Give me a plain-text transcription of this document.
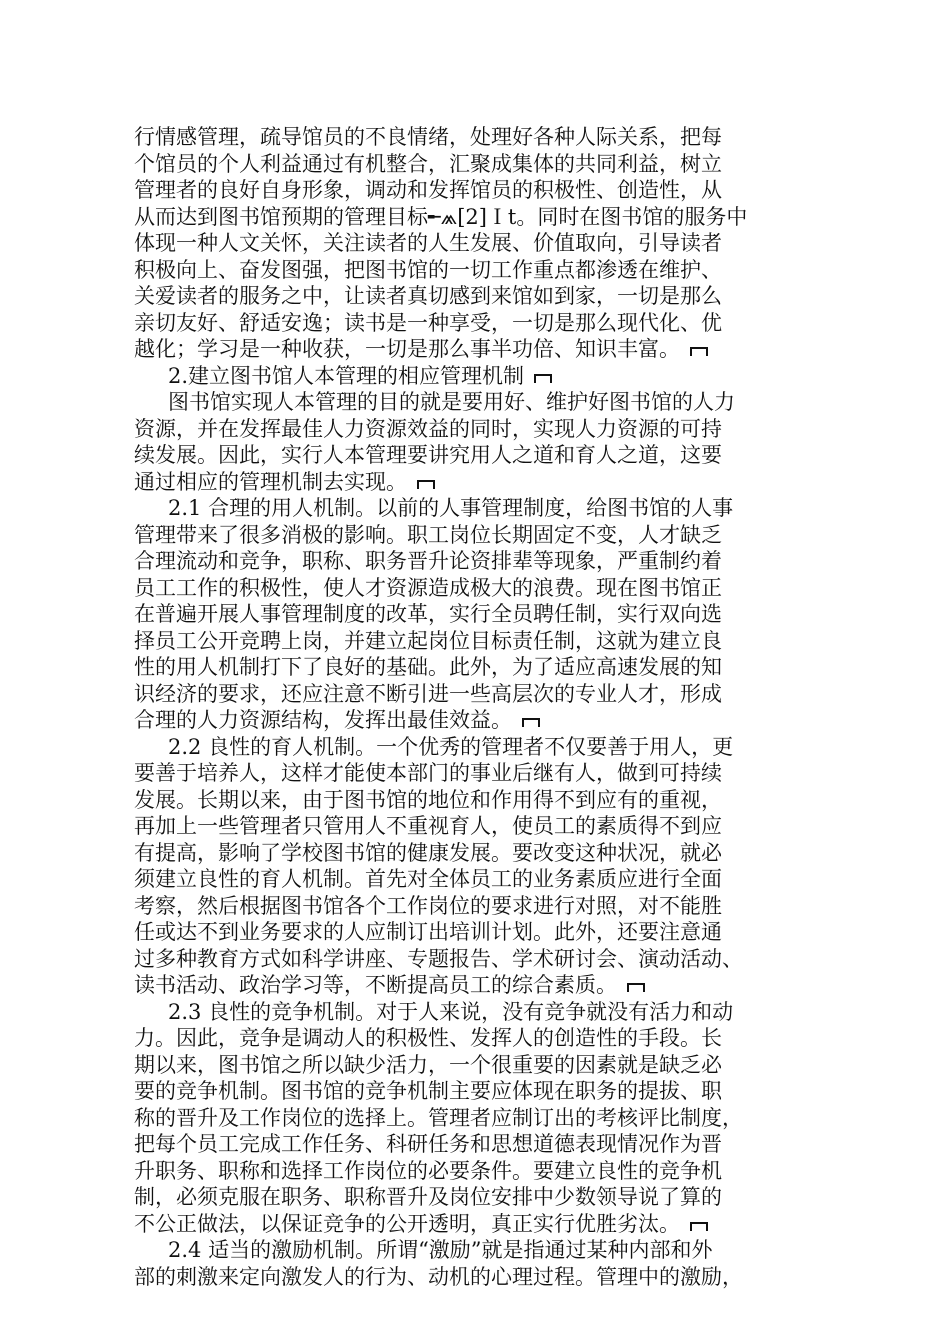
行情感管理，疏导馆员的不良情绪，处理好各种人际关系，把每
个馆员的个人利益通过有机整合，汇聚成集体的共同利益，树立
管理者的良好自身形象，调动和发挥馆员的积极性、创造性，从
从而达到图书馆预期的管理目标╾⩕[2]Ｉt。同时在图书馆的服务中
体现一种人文关怀，关注读者的人生发展、价值取向，引导读者
积极向上、奋发图强，把图书馆的一切工作重点都渗透在维护、
关爱读者的服务之中，让读者真切感到来馆如到家，一切是那么
亲切友好、舒适安逸；读书是一种享受，一切是那么现代化、优
越化；学习是一种收获，一切是那么事半功倍、知识丰富。
2.建立图书馆人本管理的相应管理机制
图书馆实现人本管理的目的就是要用好、维护好图书馆的人力
资源，并在发挥最佳人力资源效益的同时，实现人力资源的可持
续发展。因此，实行人本管理要讲究用人之道和育人之道，这要
通过相应的管理机制去实现。
2.1 合理的用人机制。以前的人事管理制度，给图书馆的人事
管理带来了很多消极的影响。职工岗位长期固定不变，人才缺乏
合理流动和竞争，职称、职务晋升论资排辈等现象，严重制约着
员工工作的积极性，使人才资源造成极大的浪费。现在图书馆正
在普遍开展人事管理制度的改革，实行全员聘任制，实行双向选
择员工公开竞聘上岗，并建立起岗位目标责任制，这就为建立良
性的用人机制打下了良好的基础。此外，为了适应高速发展的知
识经济的要求，还应注意不断引进一些高层次的专业人才，形成
合理的人力资源结构，发挥出最佳效益。
2.2 良性的育人机制。一个优秀的管理者不仅要善于用人，更
要善于培养人，这样才能使本部门的事业后继有人，做到可持续
发展。长期以来，由于图书馆的地位和作用得不到应有的重视，
再加上一些管理者只管用人不重视育人，使员工的素质得不到应
有提高，影响了学校图书馆的健康发展。要改变这种状况，就必
须建立良性的育人机制。首先对全体员工的业务素质应进行全面
考察，然后根据图书馆各个工作岗位的要求进行对照，对不能胜
任或达不到业务要求的人应制订出培训计划。此外，还要注意通
过多种教育方式如科学讲座、专题报告、学术研讨会、演动活动、
读书活动、政治学习等，不断提高员工的综合素质。
2.3 良性的竞争机制。对于人来说，没有竞争就没有活力和动
力。因此，竞争是调动人的积极性、发挥人的创造性的手段。长
期以来，图书馆之所以缺少活力，一个很重要的因素就是缺乏必
要的竞争机制。图书馆的竞争机制主要应体现在职务的提拔、职
称的晋升及工作岗位的选择上。管理者应制订出的考核评比制度，
把每个员工完成工作任务、科研任务和思想道德表现情况作为晋
升职务、职称和选择工作岗位的必要条件。要建立良性的竞争机
制，必须克服在职务、职称晋升及岗位安排中少数领导说了算的
不公正做法，以保证竞争的公开透明，真正实行优胜劣汰。
2.4 适当的激励机制。所谓“激励”就是指通过某种内部和外
部的刺激来定向激发人的行为、动机的心理过程。管理中的激励，
